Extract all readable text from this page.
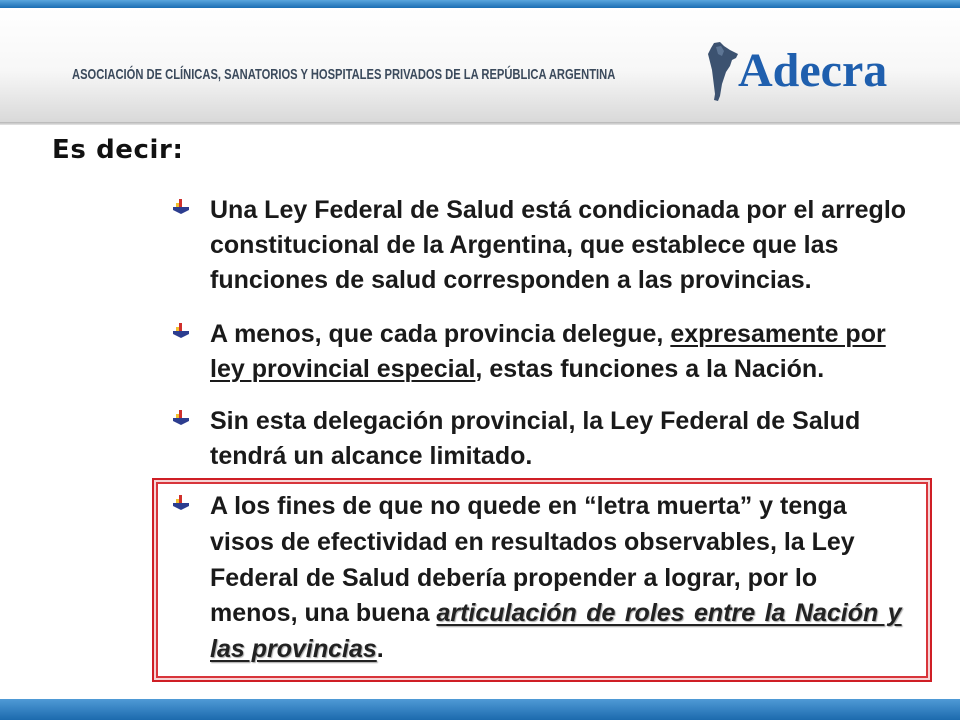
ASOCIACIÓN DE CLÍNICAS, SANATORIOS Y HOSPITALES PRIVADOS DE LA REPÚBLICA ARGENTINA	Adecra
Es decir:
Una Ley Federal de Salud está condicionada por el arreglo
constitucional de la Argentina, que establece que las
funciones de salud corresponden a las provincias.
A menos, que cada provincia delegue, expresamente por
ley provincial especial, estas funciones a la Nación.
Sin esta delegación provincial, la Ley Federal de Salud
tendrá un alcance limitado.
A los fines de que no quede en “letra muerta” y tenga
visos de efectividad en resultados observables, la Ley
Federal de Salud debería propender a lograr, por lo
menos, una buena articulación de roles entre la Nación y
las provincias.
